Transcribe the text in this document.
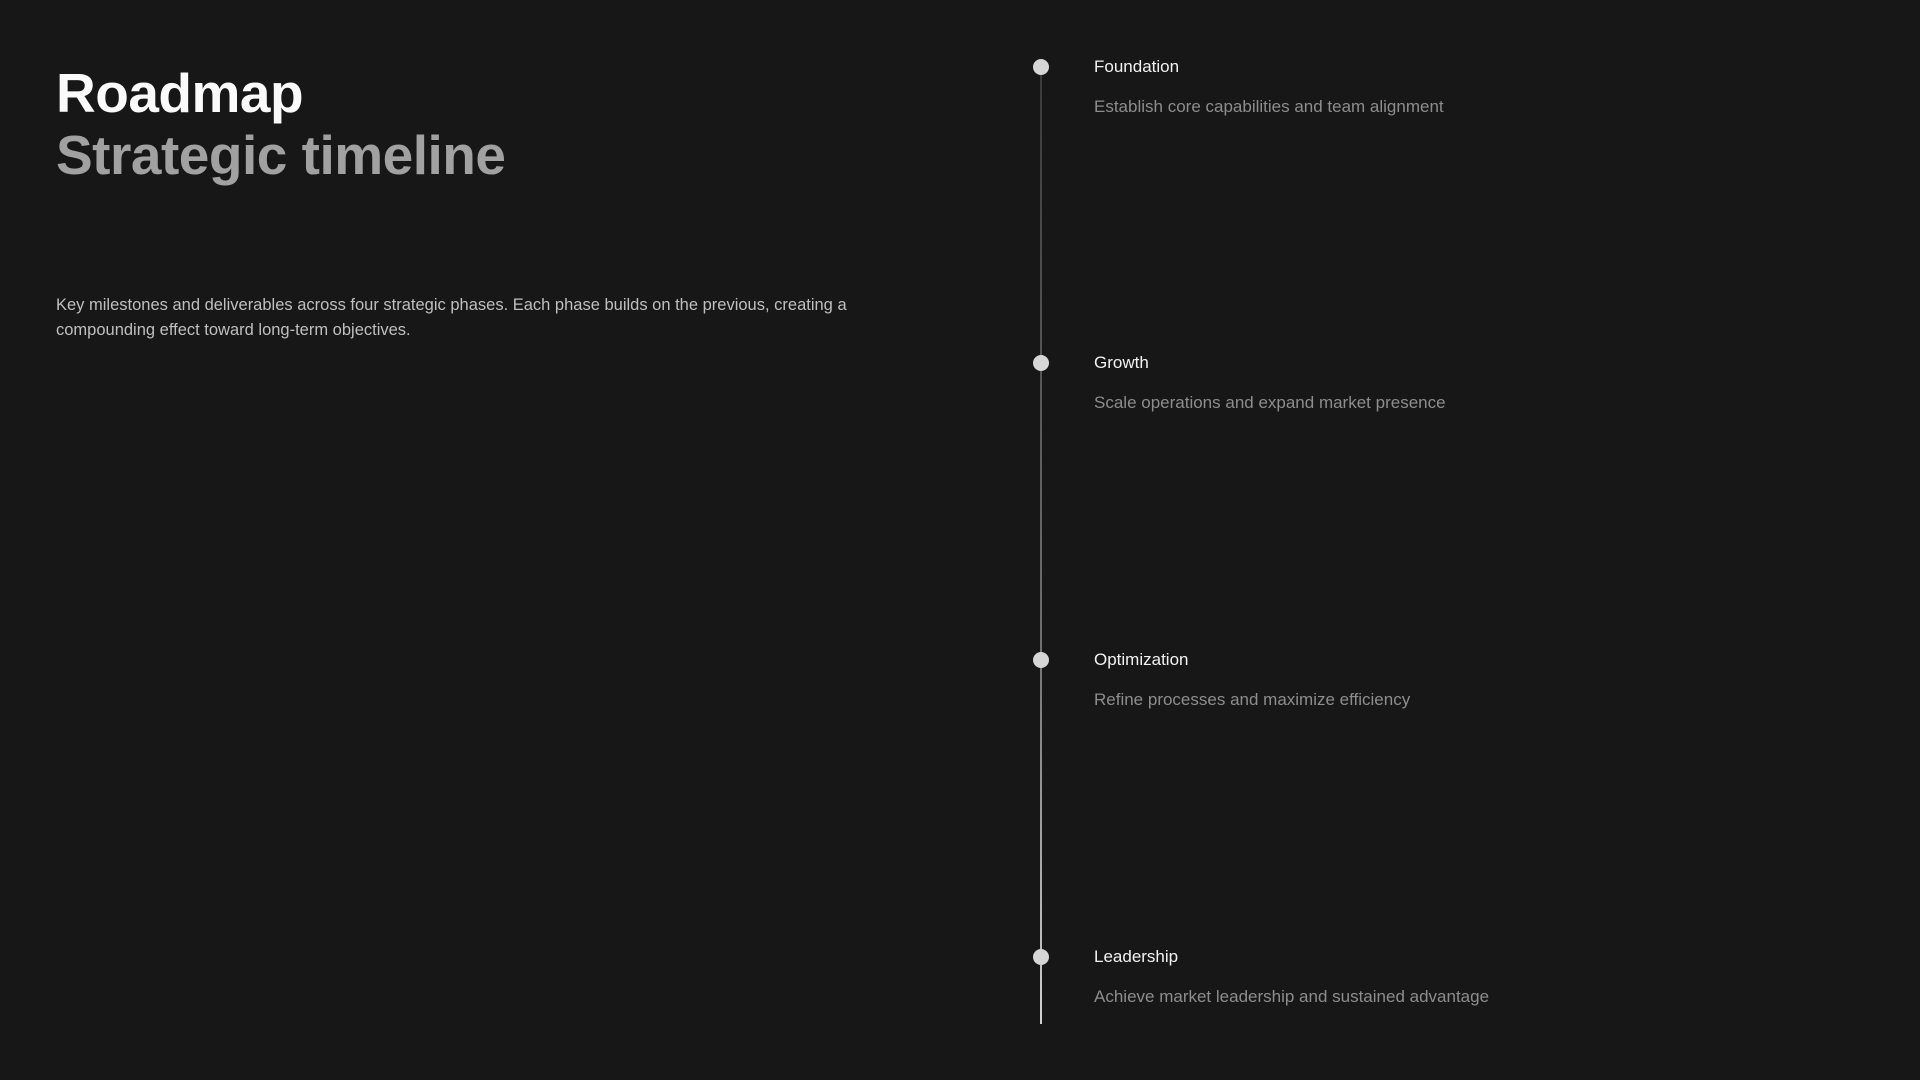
Roadmap
Strategic timeline

Key milestones and deliverables across four strategic phases. Each phase builds on the previous, creating a compounding effect toward long-term objectives.

Foundation
Establish core capabilities and team alignment
Growth
Scale operations and expand market presence
Optimization
Refine processes and maximize efficiency
Leadership
Achieve market leadership and sustained advantage
